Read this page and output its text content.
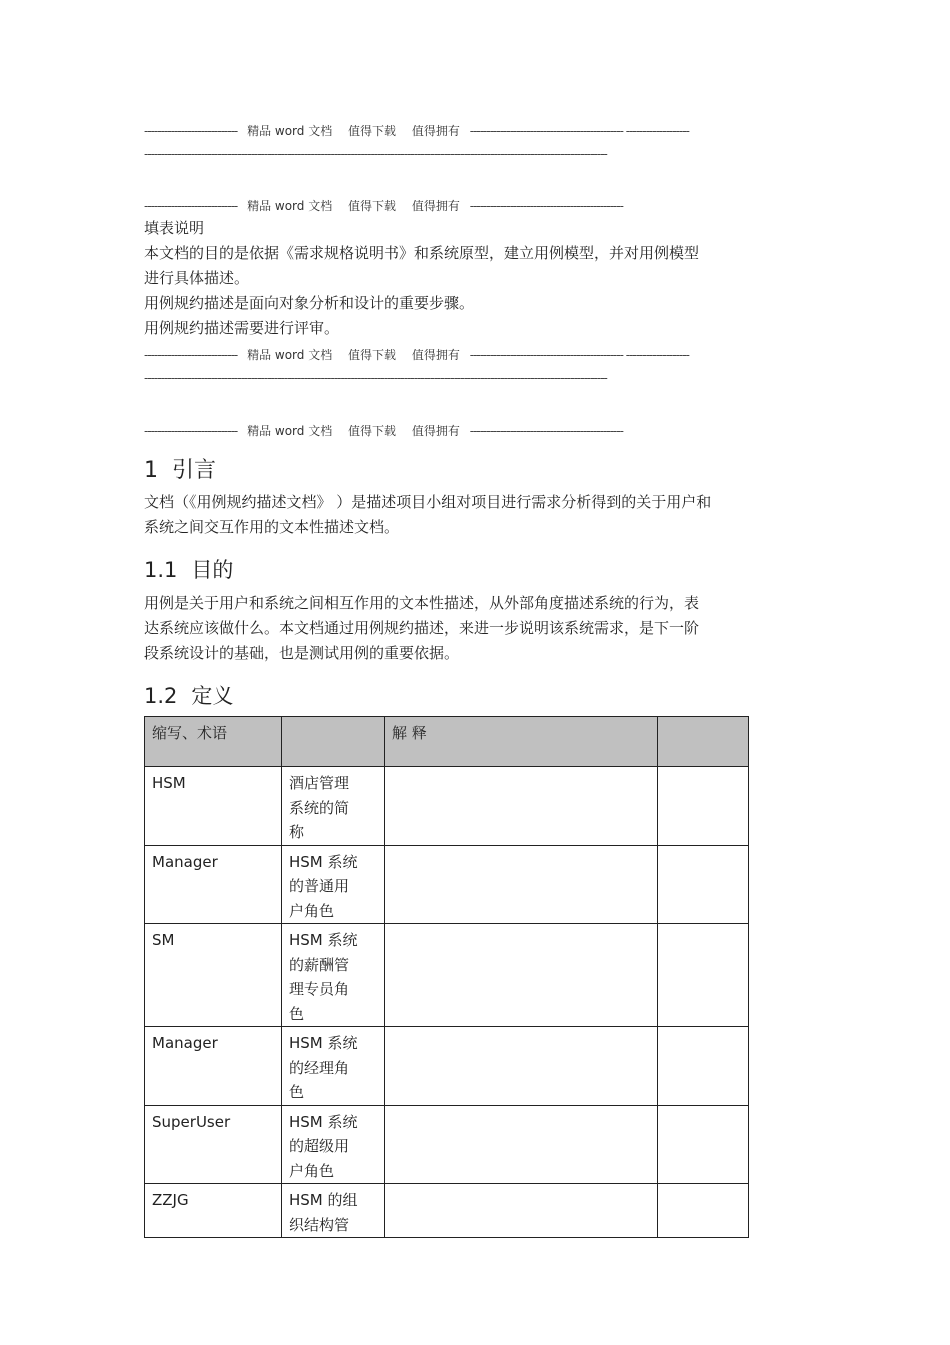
---------------------------- 精品 word 文档 值得下载 值得拥有 ---------------------------------------------- -------------------
-------------------------------------------------------------------------------------------------------------------------------------------
---------------------------- 精品 word 文档 值得下载 值得拥有 ----------------------------------------------
填表说明
本文档的目的是依据《需求规格说明书》和系统原型，建立用例模型，并对用例模型
进行具体描述。
用例规约描述是面向对象分析和设计的重要步骤。
用例规约描述需要进行评审。
---------------------------- 精品 word 文档 值得下载 值得拥有 ---------------------------------------------- -------------------
-------------------------------------------------------------------------------------------------------------------------------------------
---------------------------- 精品 word 文档 值得下载 值得拥有 ----------------------------------------------
1 引言
文档（《用例规约描述文档》 ）是描述项目小组对项目进行需求分析得到的关于用户和
系统之间交互作用的文本性描述文档。
1.1 目的
用例是关于用户和系统之间相互作用的文本性描述，从外部角度描述系统的行为，表
达系统应该做什么。本文档通过用例规约描述，来进一步说明该系统需求，是下一阶
段系统设计的基础，也是测试用例的重要依据。
1.2 定义
缩写、术语		解 释	
HSM	酒店管理
系统的简
称		

Manager	HSM 系统
的普通用
户角色		

SM	HSM 系统
的薪酬管
理专员角
色		

Manager	HSM 系统
的经理角
色		

SuperUser	HSM 系统
的超级用
户角色		

ZZJG	HSM 的组
织结构管		
